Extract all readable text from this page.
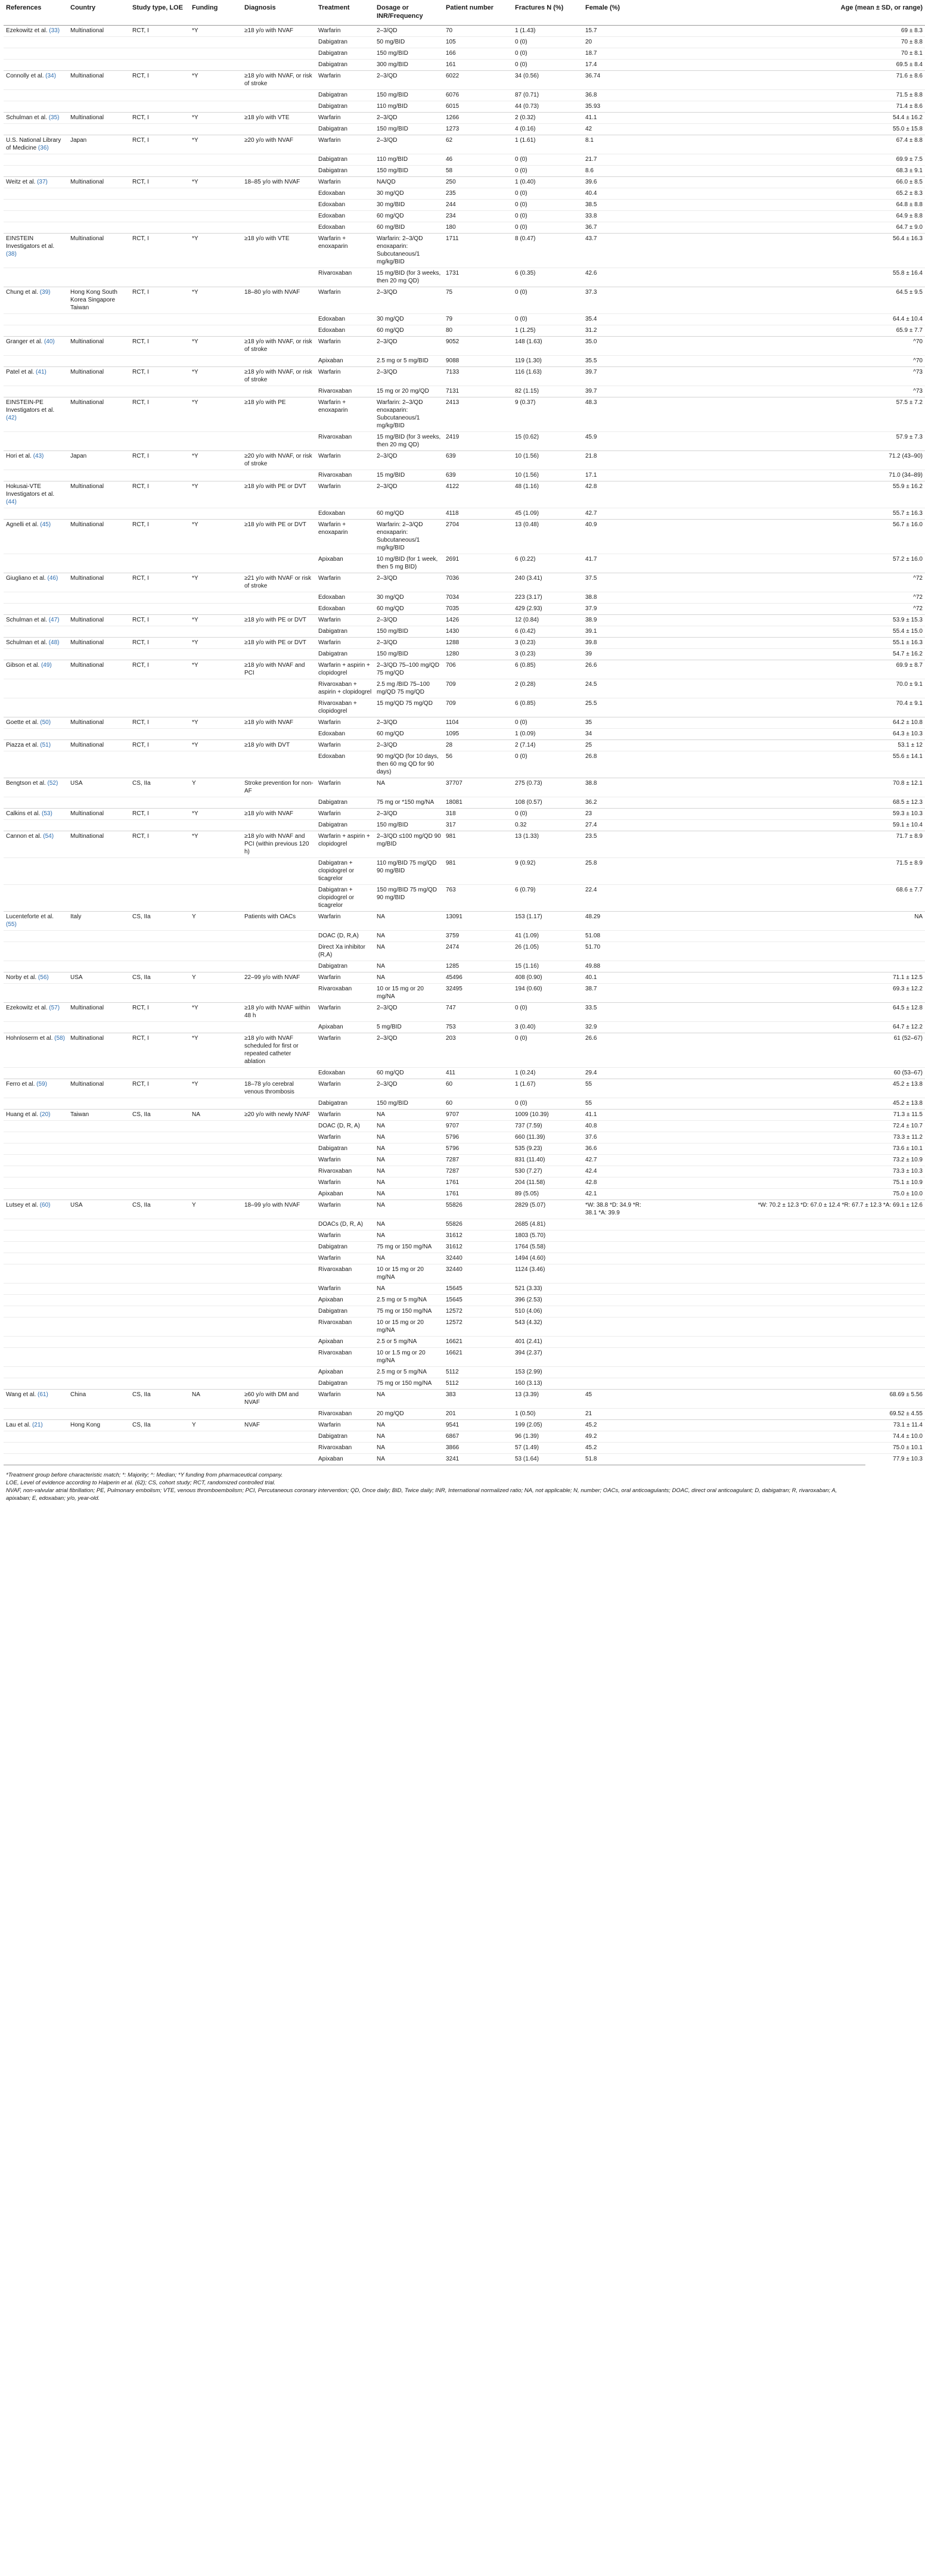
References	Country	Study type, LOE	Funding	Diagnosis	Treatment	Dosage or INR/Frequency	Patient number	Fractures N (%)	Female (%)	Age (mean ± SD, or range)
Ezekowitz et al. (33)	Multinational	RCT, I	*Y	≥18 y/o with NVAF	Warfarin	2–3/QD	70	1 (1.43)	15.7	69 ± 8.3
					Dabigatran	50 mg/BID	105	0 (0)	20	70 ± 8.8
					Dabigatran	150 mg/BID	166	0 (0)	18.7	70 ± 8.1
					Dabigatran	300 mg/BID	161	0 (0)	17.4	69.5 ± 8.4
Connolly et al. (34)	Multinational	RCT, I	*Y	≥18 y/o with NVAF, or risk of stroke	Warfarin	2–3/QD	6022	34 (0.56)	36.74	71.6 ± 8.6
					Dabigatran	150 mg/BID	6076	87 (0.71)	36.8	71.5 ± 8.8
					Dabigatran	110 mg/BID	6015	44 (0.73)	35.93	71.4 ± 8.6
Schulman et al. (35)	Multinational	RCT, I	*Y	≥18 y/o with VTE	Warfarin	2–3/QD	1266	2 (0.32)	41.1	54.4 ± 16.2
					Dabigatran	150 mg/BID	1273	4 (0.16)	42	55.0 ± 15.8
U.S. National Library of Medicine (36)	Japan	RCT, I	*Y	≥20 y/o with NVAF	Warfarin	2–3/QD	62	1 (1.61)	8.1	67.4 ± 8.8
					Dabigatran	110 mg/BID	46	0 (0)	21.7	69.9 ± 7.5
					Dabigatran	150 mg/BID	58	0 (0)	8.6	68.3 ± 9.1
Weitz et al. (37)	Multinational	RCT, I	*Y	18–85 y/o with NVAF	Warfarin	NA/QD	250	1 (0.40)	39.6	66.0 ± 8.5
					Edoxaban	30 mg/QD	235	0 (0)	40.4	65.2 ± 8.3
					Edoxaban	30 mg/BID	244	0 (0)	38.5	64.8 ± 8.8
					Edoxaban	60 mg/QD	234	0 (0)	33.8	64.9 ± 8.8
					Edoxaban	60 mg/BID	180	0 (0)	36.7	64.7 ± 9.0
EINSTEIN Investigators et al. (38)	Multinational	RCT, I	*Y	≥18 y/o with VTE	Warfarin + enoxaparin	Warfarin: 2–3/QD enoxaparin: Subcutaneous/1 mg/kg/BID	1711	8 (0.47)	43.7	56.4 ± 16.3
					Rivaroxaban	15 mg/BID (for 3 weeks, then 20 mg QD)	1731	6 (0.35)	42.6	55.8 ± 16.4
Chung et al. (39)	Hong Kong South Korea Singapore Taiwan	RCT, I	*Y	18–80 y/o with NVAF	Warfarin	2–3/QD	75	0 (0)	37.3	64.5 ± 9.5
					Edoxaban	30 mg/QD	79	0 (0)	35.4	64.4 ± 10.4
					Edoxaban	60 mg/QD	80	1 (1.25)	31.2	65.9 ± 7.7
Granger et al. (40)	Multinational	RCT, I	*Y	≥18 y/o with NVAF, or risk of stroke	Warfarin	2–3/QD	9052	148 (1.63)	35.0	^70
					Apixaban	2.5 mg or 5 mg/BID	9088	119 (1.30)	35.5	^70
Patel et al. (41)	Multinational	RCT, I	*Y	≥18 y/o with NVAF, or risk of stroke	Warfarin	2–3/QD	7133	116 (1.63)	39.7	^73
					Rivaroxaban	15 mg or 20 mg/QD	7131	82 (1.15)	39.7	^73
EINSTEIN-PE Investigators et al. (42)	Multinational	RCT, I	*Y	≥18 y/o with PE	Warfarin + enoxaparin	Warfarin: 2–3/QD enoxaparin: Subcutaneous/1 mg/kg/BID	2413	9 (0.37)	48.3	57.5 ± 7.2
					Rivaroxaban	15 mg/BID (for 3 weeks, then 20 mg QD)	2419	15 (0.62)	45.9	57.9 ± 7.3
Hori et al. (43)	Japan	RCT, I	*Y	≥20 y/o with NVAF, or risk of stroke	Warfarin	2–3/QD	639	10 (1.56)	21.8	71.2 (43–90)
					Rivaroxaban	15 mg/BID	639	10 (1.56)	17.1	71.0 (34–89)
Hokusai-VTE Investigators et al. (44)	Multinational	RCT, I	*Y	≥18 y/o with PE or DVT	Warfarin	2–3/QD	4122	48 (1.16)	42.8	55.9 ± 16.2
					Edoxaban	60 mg/QD	4118	45 (1.09)	42.7	55.7 ± 16.3
Agnelli et al. (45)	Multinational	RCT, I	*Y	≥18 y/o with PE or DVT	Warfarin + enoxaparin	Warfarin: 2–3/QD enoxaparin: Subcutaneous/1 mg/kg/BID	2704	13 (0.48)	40.9	56.7 ± 16.0
					Apixaban	10 mg/BID (for 1 week, then 5 mg BID)	2691	6 (0.22)	41.7	57.2 ± 16.0
Giugliano et al. (46)	Multinational	RCT, I	*Y	≥21 y/o with NVAF or risk of stroke	Warfarin	2–3/QD	7036	240 (3.41)	37.5	^72
					Edoxaban	30 mg/QD	7034	223 (3.17)	38.8	^72
					Edoxaban	60 mg/QD	7035	429 (2.93)	37.9	^72
Schulman et al. (47)	Multinational	RCT, I	*Y	≥18 y/o with PE or DVT	Warfarin	2–3/QD	1426	12 (0.84)	38.9	53.9 ± 15.3
					Dabigatran	150 mg/BID	1430	6 (0.42)	39.1	55.4 ± 15.0
Schulman et al. (48)	Multinational	RCT, I	*Y	≥18 y/o with PE or DVT	Warfarin	2–3/QD	1288	3 (0.23)	39.8	55.1 ± 16.3
					Dabigatran	150 mg/BID	1280	3 (0.23)	39	54.7 ± 16.2
Gibson et al. (49)	Multinational	RCT, I	*Y	≥18 y/o with NVAF and PCI	Warfarin + aspirin + clopidogrel	2–3/QD 75–100 mg/QD 75 mg/QD	706	6 (0.85)	26.6	69.9 ± 8.7
					Rivaroxaban + aspirin + clopidogrel	2.5 mg /BID 75–100 mg/QD 75 mg/QD	709	2 (0.28)	24.5	70.0 ± 9.1
					Rivaroxaban + clopidogrel	15 mg/QD 75 mg/QD	709	6 (0.85)	25.5	70.4 ± 9.1
Goette et al. (50)	Multinational	RCT, I	*Y	≥18 y/o with NVAF	Warfarin	2–3/QD	1104	0 (0)	35	64.2 ± 10.8
					Edoxaban	60 mg/QD	1095	1 (0.09)	34	64.3 ± 10.3
Piazza et al. (51)	Multinational	RCT, I	*Y	≥18 y/o with DVT	Warfarin	2–3/QD	28	2 (7.14)	25	53.1 ± 12
					Edoxaban	90 mg/QD (for 10 days, then 60 mg QD for 90 days)	56	0 (0)	26.8	55.6 ± 14.1
Bengtson et al. (52)	USA	CS, IIa	Y	Stroke prevention for non-AF	Warfarin	NA	37707	275 (0.73)	38.8	70.8 ± 12.1
					Dabigatran	75 mg or *150 mg/NA	18081	108 (0.57)	36.2	68.5 ± 12.3
Calkins et al. (53)	Multinational	RCT, I	*Y	≥18 y/o with NVAF	Warfarin	2–3/QD	318	0 (0)	23	59.3 ± 10.3
					Dabigatran	150 mg/BID	317	0.32	27.4	59.1 ± 10.4
Cannon et al. (54)	Multinational	RCT, I	*Y	≥18 y/o with NVAF and PCI (within previous 120 h)	Warfarin + aspirin + clopidogrel	2–3/QD ≤100 mg/QD 90 mg/BID	981	13 (1.33)	23.5	71.7 ± 8.9
					Dabigatran + clopidogrel or ticagrelor	110 mg/BID 75 mg/QD 90 mg/BID	981	9 (0.92)	25.8	71.5 ± 8.9
					Dabigatran + clopidogrel or ticagrelor	150 mg/BID 75 mg/QD 90 mg/BID	763	6 (0.79)	22.4	68.6 ± 7.7
Lucenteforte et al. (55)	Italy	CS, IIa	Y	Patients with OACs	Warfarin	NA	13091	153 (1.17)	48.29	NA
					DOAC (D, R,A)	NA	3759	41 (1.09)	51.08	
					Direct Xa inhibitor (R,A)	NA	2474	26 (1.05)	51.70	
					Dabigatran	NA	1285	15 (1.16)	49.88	
Norby et al. (56)	USA	CS, IIa	Y	22–99 y/o with NVAF	Warfarin	NA	45496	408 (0.90)	40.1	71.1 ± 12.5
					Rivaroxaban	10 or 15 mg or 20 mg/NA	32495	194 (0.60)	38.7	69.3 ± 12.2
Ezekowitz et al. (57)	Multinational	RCT, I	*Y	≥18 y/o with NVAF within 48 h	Warfarin	2–3/QD	747	0 (0)	33.5	64.5 ± 12.8
					Apixaban	5 mg/BID	753	3 (0.40)	32.9	64.7 ± 12.2
Hohnloserm et al. (58)	Multinational	RCT, I	*Y	≥18 y/o with NVAF scheduled for first or repeated catheter ablation	Warfarin	2–3/QD	203	0 (0)	26.6	61 (52–67)
					Edoxaban	60 mg/QD	411	1 (0.24)	29.4	60 (53–67)
Ferro et al. (59)	Multinational	RCT, I	*Y	18–78 y/o cerebral venous thrombosis	Warfarin	2–3/QD	60	1 (1.67)	55	45.2 ± 13.8
					Dabigatran	150 mg/BID	60	0 (0)	55	45.2 ± 13.8
Huang et al. (20)	Taiwan	CS, IIa	NA	≥20 y/o with newly NVAF	Warfarin	NA	9707	1009 (10.39)	41.1	71.3 ± 11.5
					DOAC (D, R, A)	NA	9707	737 (7.59)	40.8	72.4 ± 10.7
					Warfarin	NA	5796	660 (11.39)	37.6	73.3 ± 11.2
					Dabigatran	NA	5796	535 (9.23)	36.6	73.6 ± 10.1
					Warfarin	NA	7287	831 (11.40)	42.7	73.2 ± 10.9
					Rivaroxaban	NA	7287	530 (7.27)	42.4	73.3 ± 10.3
					Warfarin	NA	1761	204 (11.58)	42.8	75.1 ± 10.9
					Apixaban	NA	1761	89 (5.05)	42.1	75.0 ± 10.0
Lutsey et al. (60)	USA	CS, IIa	Y	18–99 y/o with NVAF	Warfarin	NA	55826	2829 (5.07)	*W: 38.8 *D: 34.9 *R: 38.1 *A: 39.9	*W: 70.2 ± 12.3 *D: 67.0 ± 12.4 *R: 67.7 ± 12.3 *A: 69.1 ± 12.6
					DOACs (D, R, A)	NA	55826	2685 (4.81)		
					Warfarin	NA	31612	1803 (5.70)		
					Dabigatran	75 mg or 150 mg/NA	31612	1764 (5.58)		
					Warfarin	NA	32440	1494 (4.60)		
					Rivaroxaban	10 or 15 mg or 20 mg/NA	32440	1124 (3.46)		
					Warfarin	NA	15645	521 (3.33)		
					Apixaban	2.5 mg or 5 mg/NA	15645	396 (2.53)		
					Dabigatran	75 mg or 150 mg/NA	12572	510 (4.06)		
					Rivaroxaban	10 or 15 mg or 20 mg/NA	12572	543 (4.32)		
					Apixaban	2.5 or 5 mg/NA	16621	401 (2.41)		
					Rivaroxaban	10 or 1.5 mg or 20 mg/NA	16621	394 (2.37)		
					Apixaban	2.5 mg or 5 mg/NA	5112	153 (2.99)		
					Dabigatran	75 mg or 150 mg/NA	5112	160 (3.13)		
Wang et al. (61)	China	CS, IIa	NA	≥60 y/o with DM and NVAF	Warfarin	NA	383	13 (3.39)	45	68.69 ± 5.56
					Rivaroxaban	20 mg/QD	201	1 (0.50)	21	69.52 ± 4.55
Lau et al. (21)	Hong Kong	CS, IIa	Y	NVAF	Warfarin	NA	9541	199 (2.05)	45.2	73.1 ± 11.4
					Dabigatran	NA	6867	96 (1.39)	49.2	74.4 ± 10.0
					Rivaroxaban	NA	3866	57 (1.49)	45.2	75.0 ± 10.1
					Apixaban	NA	3241	53 (1.64)	51.8	77.9 ± 10.3

*Treatment group before characteristic match; *: Majority; ^: Median; *Y funding from pharmaceutical company.

LOE, Level of evidence according to Halperin et al. (62); CS, cohort study; RCT, randomized controlled trial.

NVAF, non-valvular atrial fibrillation; PE, Pulmonary embolism; VTE, venous thromboembolism; PCI, Percutaneous coronary intervention; QD, Once daily; BID, Twice daily; INR, International normalized ratio; NA, not applicable; N, number; OACs, oral anticoagulants; DOAC, direct oral anticoagulant; D, dabigatran; R, rivaroxaban; A, apixaban; E, edoxaban; y/o, year-old.
